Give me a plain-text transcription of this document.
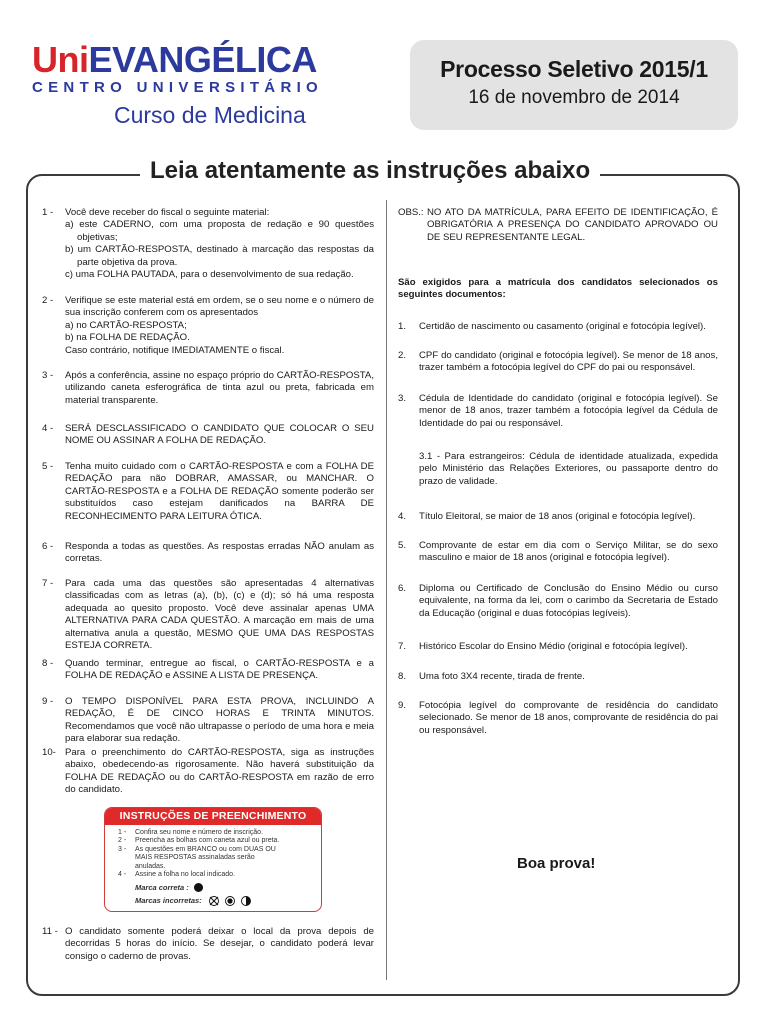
UniEVANGÉLICA
CENTRO UNIVERSITÁRIO
Curso de Medicina
Processo Seletivo 2015/1
16 de novembro de 2014
Leia atentamente as instruções abaixo
1 -	Você deve receber do fiscal o seguinte material:

a) este CADERNO, com uma proposta de redação e 90 questões objetivas;

b) um CARTÃO-RESPOSTA, destinado à marcação das respostas da parte objetiva da prova.

c) uma FOLHA PAUTADA, para o desenvolvimento de sua redação.

2 -	Verifique se este material está em ordem, se o seu nome e o número de sua inscrição conferem com os apresentados

a) no CARTÃO-RESPOSTA;

b) na FOLHA DE REDAÇÃO.

Caso contrário, notifique IMEDIATAMENTE o fiscal.

3 -	Após a conferência, assine no espaço próprio do CARTÃO-RESPOSTA, utilizando caneta esferográfica de tinta azul ou preta, fabricada em material transparente.

4 -	SERÁ DESCLASSIFICADO O CANDIDATO QUE COLOCAR O SEU NOME OU ASSINAR A FOLHA DE REDAÇÃO.

5 -	Tenha muito cuidado com o CARTÃO-RESPOSTA e com a FOLHA DE REDAÇÃO para não DOBRAR, AMASSAR, ou MANCHAR. O CARTÃO-RESPOSTA e a FOLHA DE REDAÇÃO somente poderão ser substituídos caso estejam danificados na BARRA DE RECONHECIMENTO PARA LEITURA ÓTICA.

6 -	Responda a todas as questões. As respostas erradas NÃO anulam as corretas.

7 -	Para cada uma das questões são apresentadas 4 alternativas classificadas com as letras (a), (b), (c) e (d); só há uma resposta adequada ao quesito proposto. Você deve assinalar apenas UMA ALTERNATIVA PARA CADA QUESTÃO. A marcação em mais de uma alternativa anula a questão, MESMO QUE UMA DAS RESPOSTAS ESTEJA CORRETA.

8 -	Quando terminar, entregue ao fiscal, o CARTÃO-RESPOSTA e a FOLHA DE REDAÇÃO e ASSINE A LISTA DE PRESENÇA.

9 -	O TEMPO DISPONÍVEL PARA ESTA PROVA, INCLUINDO A REDAÇÃO, É DE CINCO HORAS E TRINTA MINUTOS. Recomendamos que você não ultrapasse o período de uma hora e meia para elaborar sua redação.

10- Para o preenchimento do CARTÃO-RESPOSTA, siga as instruções abaixo, obedecendo-as rigorosamente. Não haverá substituição da FOLHA DE REDAÇÃO ou do CARTÃO-RESPOSTA em razão de erro do candidato.

11 - O candidato somente poderá deixar o local da prova depois de decorridas 5 horas do início. Se desejar, o candidato poderá levar consigo o caderno de provas.

INSTRUÇÕES DE PREENCHIMENTO
1 -	Confira seu nome e número de inscrição.
2 -	Preencha as bolhas com caneta azul ou preta.
3 -	As questões em BRANCO ou com DUAS OU MAIS RESPOSTAS assinaladas serão anuladas.
4 -	Assine a folha no local indicado.
Marca correta :
Marcas incorretas:
OBS.: NO ATO DA MATRÍCULA, PARA EFEITO DE IDENTIFICAÇÃO, É OBRIGATÓRIA A PRESENÇA DO CANDIDATO APROVADO OU DE SEU REPRESENTANTE LEGAL.
São exigidos para a matrícula dos candidatos selecionados os seguintes documentos:
1.	Certidão de nascimento ou casamento (original e fotocópia legível).
2.	CPF do candidato (original e fotocópia legível). Se menor de 18 anos, trazer também a fotocópia legível do CPF do pai ou responsável.
3.	Cédula de Identidade do candidato (original e fotocópia legível). Se menor de 18 anos, trazer também a fotocópia legível da Cédula de Identidade do pai ou responsável.
3.1 - Para estrangeiros: Cédula de identidade atualizada, expedida pelo Ministério das Relações Exteriores, ou passaporte dentro do prazo de validade.
4.	Título Eleitoral, se maior de 18 anos (original e fotocópia legível).
5.	Comprovante de estar em dia com o Serviço Militar, se do sexo masculino e maior de 18 anos (original e fotocópia legível).
6.	Diploma ou Certificado de Conclusão do Ensino Médio ou curso equivalente, na forma da lei, com o carimbo da Secretaria de Estado da Educação (original e duas fotocópias legíveis).
7.	Histórico Escolar do Ensino Médio (original e fotocópia legível).
8.	Uma foto 3X4 recente, tirada de frente.
9.	Fotocópia legível do comprovante de residência do candidato selecionado. Se menor de 18 anos, comprovante de residência do pai ou responsável.
Boa prova!
